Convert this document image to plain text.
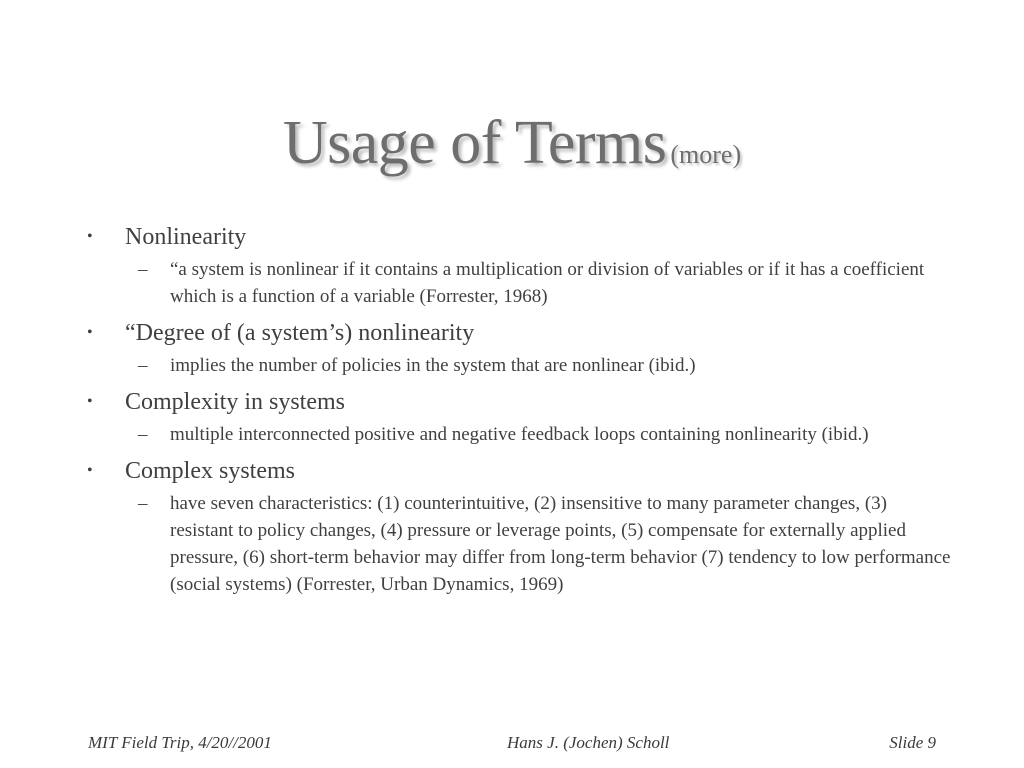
Usage of Terms (more)
• Nonlinearity
– “a system is nonlinear if it contains a multiplication or division of variables or if it has a coefficient which is a function of a variable (Forrester, 1968)
• “Degree of (a system’s) nonlinearity
– implies the number of policies in the system that are nonlinear (ibid.)
• Complexity in systems
– multiple interconnected positive and negative feedback loops containing nonlinearity (ibid.)
• Complex systems
– have seven characteristics: (1) counterintuitive, (2) insensitive to many parameter changes, (3) resistant to policy changes, (4) pressure or leverage points, (5) compensate for externally applied pressure, (6) short-term behavior may differ from long-term behavior (7) tendency to low performance (social systems) (Forrester, Urban Dynamics, 1969)
MIT Field Trip, 4/20//2001	Hans J. (Jochen) Scholl	Slide 9
